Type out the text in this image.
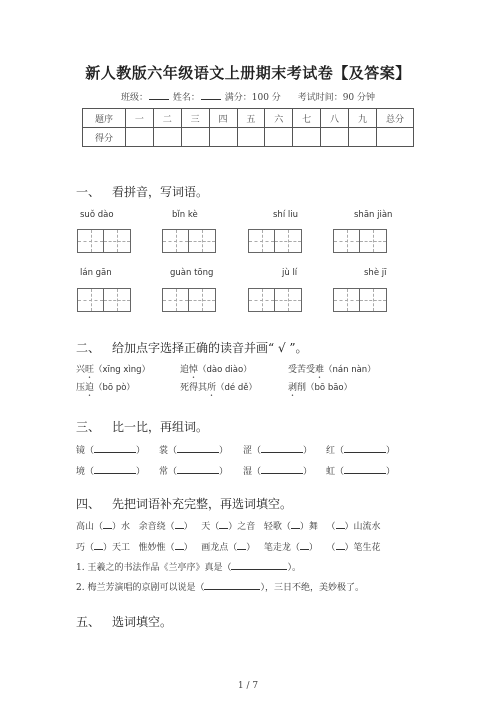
新人教版六年级语文上册期末考试卷【及答案】
班级：	姓名：	满分：100 分 考试时间：90 分钟
题序	一	二	三	四	五	六	七	八	九	总分
得分										
一、 看拼音，写词语。
suǒ dào	bǐn kè	shí liu	shān jiàn
lán gān	guàn tōng	jù lí	shè jī
二、 给加点字选择正确的读音并画“ √ ”。
兴旺（xīng xìng）	追悼（dào diào）	受苦受难（nán nàn）
压迫（bō pò）	死得其所（dé dě）	剥削（bō bāo）
三、 比一比，再组词。
镜（	） 裳（	） 涩（	） 红（	）
境（	） 常（	） 湿（	） 虹（	）
四、 先把词语补充完整，再选词填空。
高山（ ）水 余音绕（ ） 天（ ）之音 轻歌（ ）舞 （ ）山流水
巧（ ）天工 惟妙惟（ ） 画龙点（ ） 笔走龙（ ） （ ）笔生花
1. 王羲之的书法作品《兰亭序》真是（	）。
2. 梅兰芳演唱的京剧可以说是（	），三日不绝，美妙极了。
五、 选词填空。
1 / 7
